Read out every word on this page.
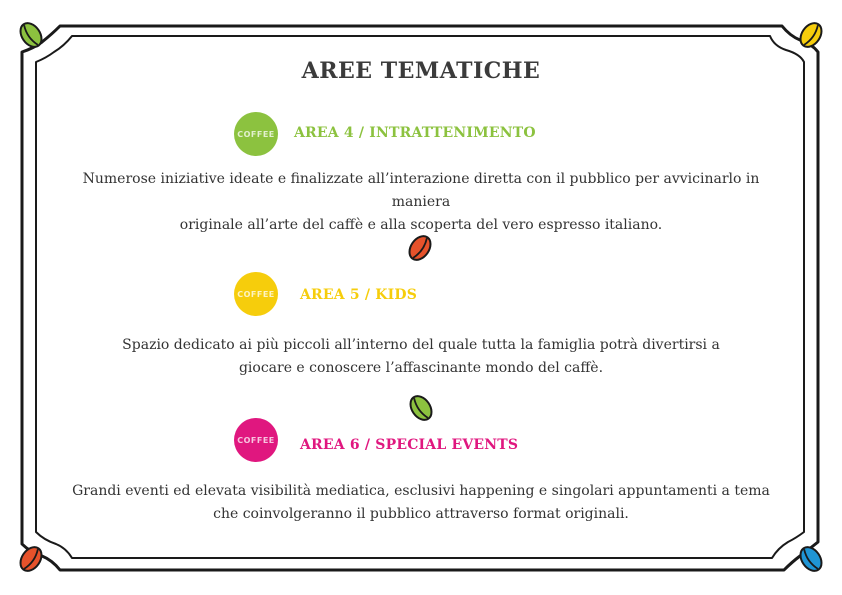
AREE TEMATICHE
COFFEE AREA 4 / INTRATTENIMENTO
Numerose iniziative ideate e finalizzate all’interazione diretta con il pubblico per avvicinarlo in maniera
originale all’arte del caffè e alla scoperta del vero espresso italiano.
COFFEE AREA 5 / KIDS
Spazio dedicato ai più piccoli all’interno del quale tutta la famiglia potrà divertirsi a
giocare e conoscere l’affascinante mondo del caffè.
COFFEE AREA 6 / SPECIAL EVENTS
Grandi eventi ed elevata visibilità mediatica, esclusivi happening e singolari appuntamenti a tema
che coinvolgeranno il pubblico attraverso format originali.
